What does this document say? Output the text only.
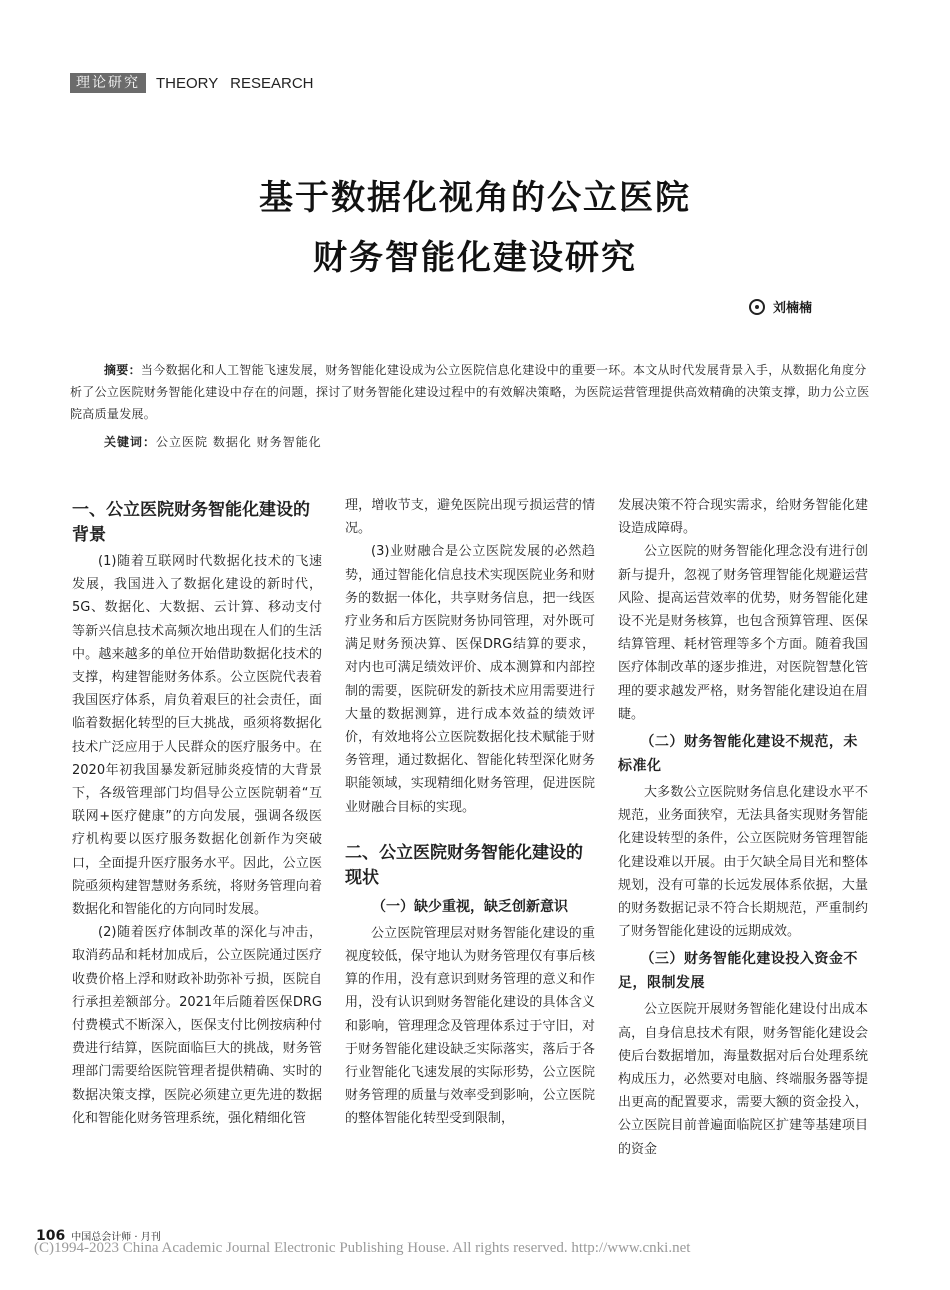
理论研究	THEORY RESEARCH
基于数据化视角的公立医院
财务智能化建设研究
刘楠楠
摘要：当今数据化和人工智能飞速发展，财务智能化建设成为公立医院信息化建设中的重要一环。本文从时代发展背景入手，从数据化角度分析了公立医院财务智能化建设中存在的问题，探讨了财务智能化建设过程中的有效解决策略，为医院运营管理提供高效精确的决策支撑，助力公立医院高质量发展。
关键词：公立医院 数据化 财务智能化
一、公立医院财务智能化建设的背景

(1)随着互联网时代数据化技术的飞速发展，我国进入了数据化建设的新时代，5G、数据化、大数据、云计算、移动支付等新兴信息技术高频次地出现在人们的生活中。越来越多的单位开始借助数据化技术的支撑，构建智能财务体系。公立医院代表着我国医疗体系，肩负着艰巨的社会责任，面临着数据化转型的巨大挑战，亟须将数据化技术广泛应用于人民群众的医疗服务中。在2020年初我国暴发新冠肺炎疫情的大背景下，各级管理部门均倡导公立医院朝着“互联网+医疗健康”的方向发展，强调各级医疗机构要以医疗服务数据化创新作为突破口，全面提升医疗服务水平。因此，公立医院亟须构建智慧财务系统，将财务管理向着数据化和智能化的方向同时发展。

(2)随着医疗体制改革的深化与冲击，取消药品和耗材加成后，公立医院通过医疗收费价格上浮和财政补助弥补亏损，医院自行承担差额部分。2021年后随着医保DRG付费模式不断深入，医保支付比例按病种付费进行结算，医院面临巨大的挑战，财务管理部门需要给医院管理者提供精确、实时的数据决策支撑，医院必须建立更先进的数据化和智能化财务管理系统，强化精细化管

理，增收节支，避免医院出现亏损运营的情况。

(3)业财融合是公立医院发展的必然趋势，通过智能化信息技术实现医院业务和财务的数据一体化，共享财务信息，把一线医疗业务和后方医院财务协同管理，对外既可满足财务预决算、医保DRG结算的要求，对内也可满足绩效评价、成本测算和内部控制的需要，医院研发的新技术应用需要进行大量的数据测算，进行成本效益的绩效评价，有效地将公立医院数据化技术赋能于财务管理，通过数据化、智能化转型深化财务职能领域，实现精细化财务管理，促进医院业财融合目标的实现。

二、公立医院财务智能化建设的现状
（一）缺少重视，缺乏创新意识

公立医院管理层对财务智能化建设的重视度较低，保守地认为财务管理仅有事后核算的作用，没有意识到财务管理的意义和作用，没有认识到财务智能化建设的具体含义和影响，管理理念及管理体系过于守旧，对于财务智能化建设缺乏实际落实，落后于各行业智能化飞速发展的实际形势，公立医院财务管理的质量与效率受到影响，公立医院的整体智能化转型受到限制，

发展决策不符合现实需求，给财务智能化建设造成障碍。

公立医院的财务智能化理念没有进行创新与提升，忽视了财务管理智能化规避运营风险、提高运营效率的优势，财务智能化建设不光是财务核算，也包含预算管理、医保结算管理、耗材管理等多个方面。随着我国医疗体制改革的逐步推进，对医院智慧化管理的要求越发严格，财务智能化建设迫在眉睫。

（二）财务智能化建设不规范，未标准化

大多数公立医院财务信息化建设水平不规范，业务面狭窄，无法具备实现财务智能化建设转型的条件，公立医院财务管理智能化建设难以开展。由于欠缺全局目光和整体规划，没有可靠的长远发展体系依据，大量的财务数据记录不符合长期规范，严重制约了财务智能化建设的远期成效。

（三）财务智能化建设投入资金不足，限制发展

公立医院开展财务智能化建设付出成本高，自身信息技术有限，财务智能化建设会使后台数据增加，海量数据对后台处理系统构成压力，必然要对电脑、终端服务器等提出更高的配置要求，需要大额的资金投入，公立医院目前普遍面临院区扩建等基建项目的资金

106 中国总会计师 · 月刊
(C)1994-2023 China Academic Journal Electronic Publishing House. All rights reserved. http://www.cnki.net
